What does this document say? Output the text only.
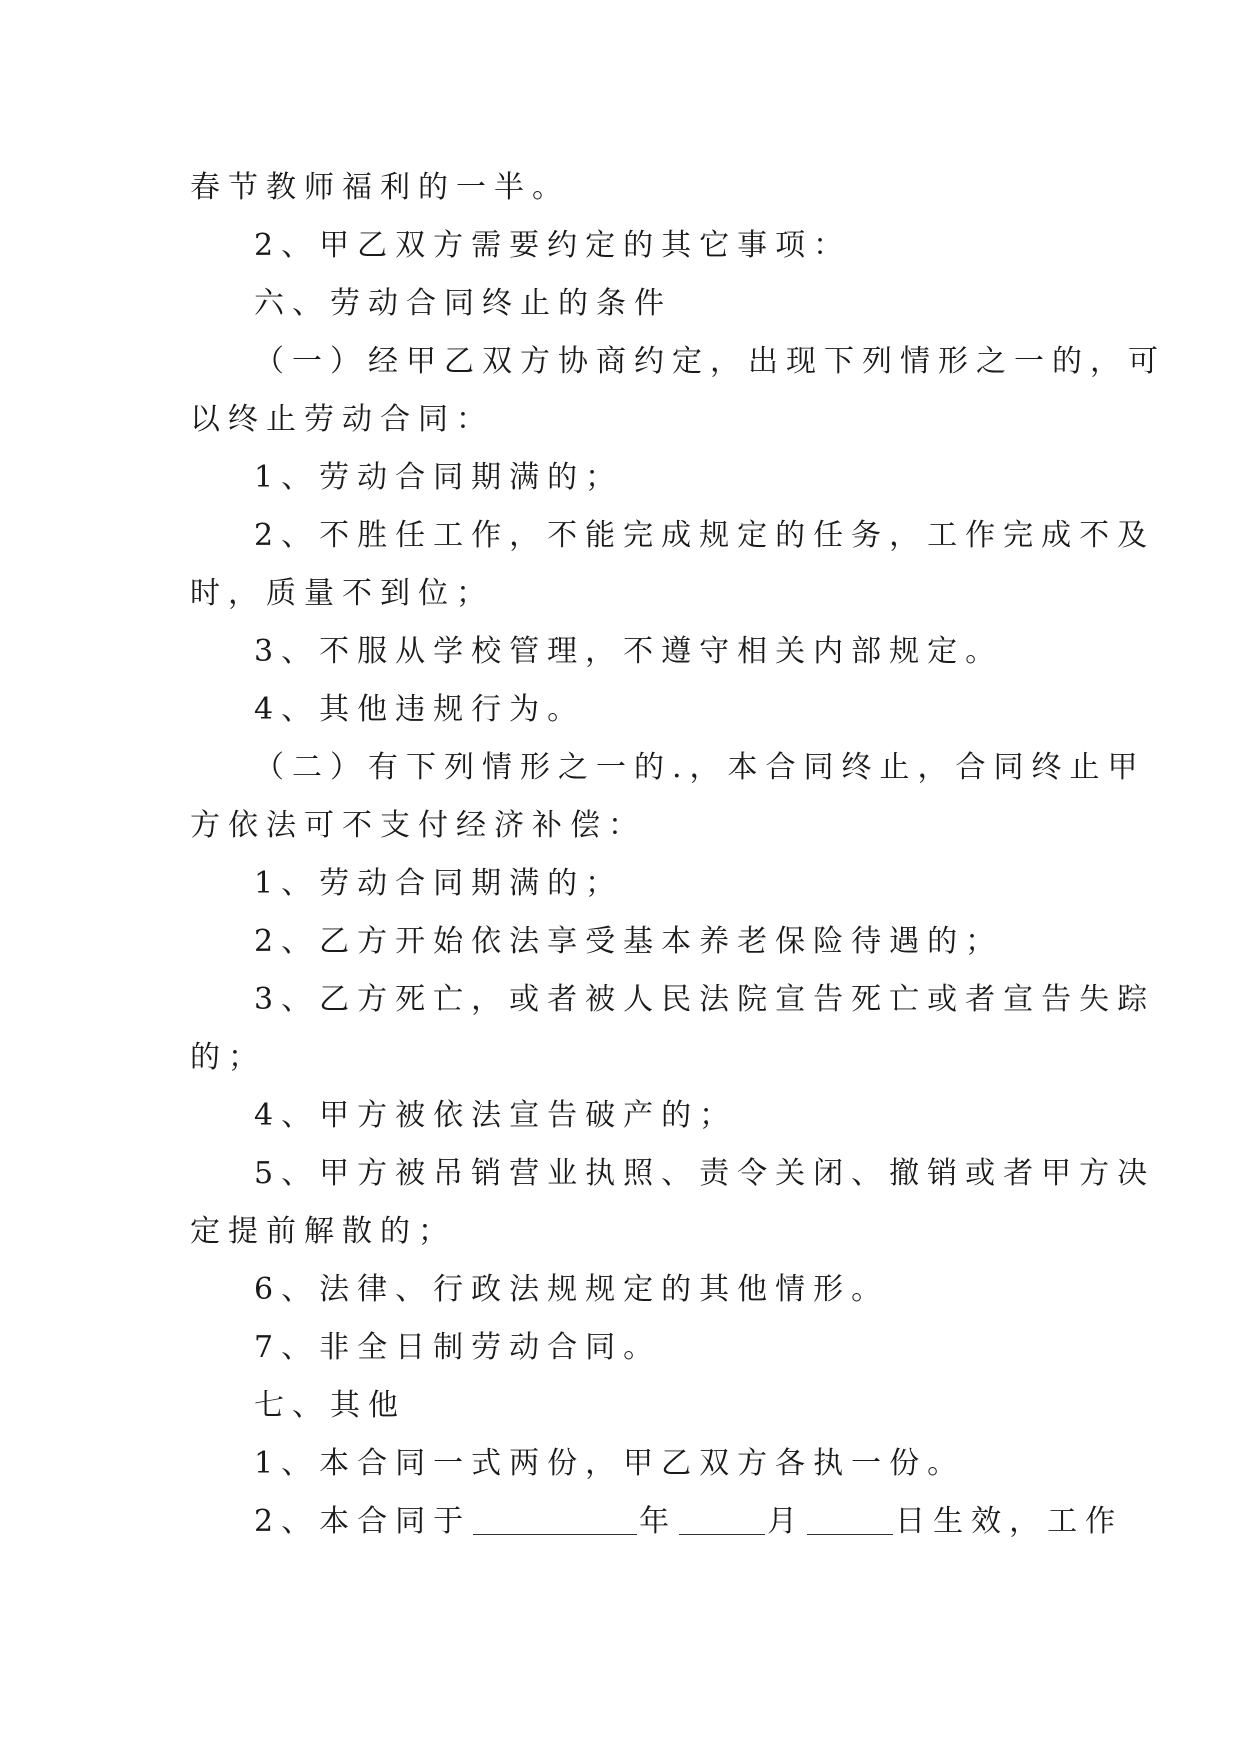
春节教师福利的一半。
2、甲乙双方需要约定的其它事项：
六、劳动合同终止的条件
（一）经甲乙双方协商约定，出现下列情形之一的，可
以终止劳动合同：
1、劳动合同期满的；
2、不胜任工作，不能完成规定的任务，工作完成不及
时，质量不到位；
3、不服从学校管理，不遵守相关内部规定。
4、其他违规行为。
（二）有下列情形之一的.，本合同终止，合同终止甲
方依法可不支付经济补偿：
1、劳动合同期满的；
2、乙方开始依法享受基本养老保险待遇的；
3、乙方死亡，或者被人民法院宣告死亡或者宣告失踪
的；
4、甲方被依法宣告破产的；
5、甲方被吊销营业执照、责令关闭、撤销或者甲方决
定提前解散的；
6、法律、行政法规规定的其他情形。
7、非全日制劳动合同。
七、其他
1、本合同一式两份，甲乙双方各执一份。
2、本合同于	年	月	日生效，工作
